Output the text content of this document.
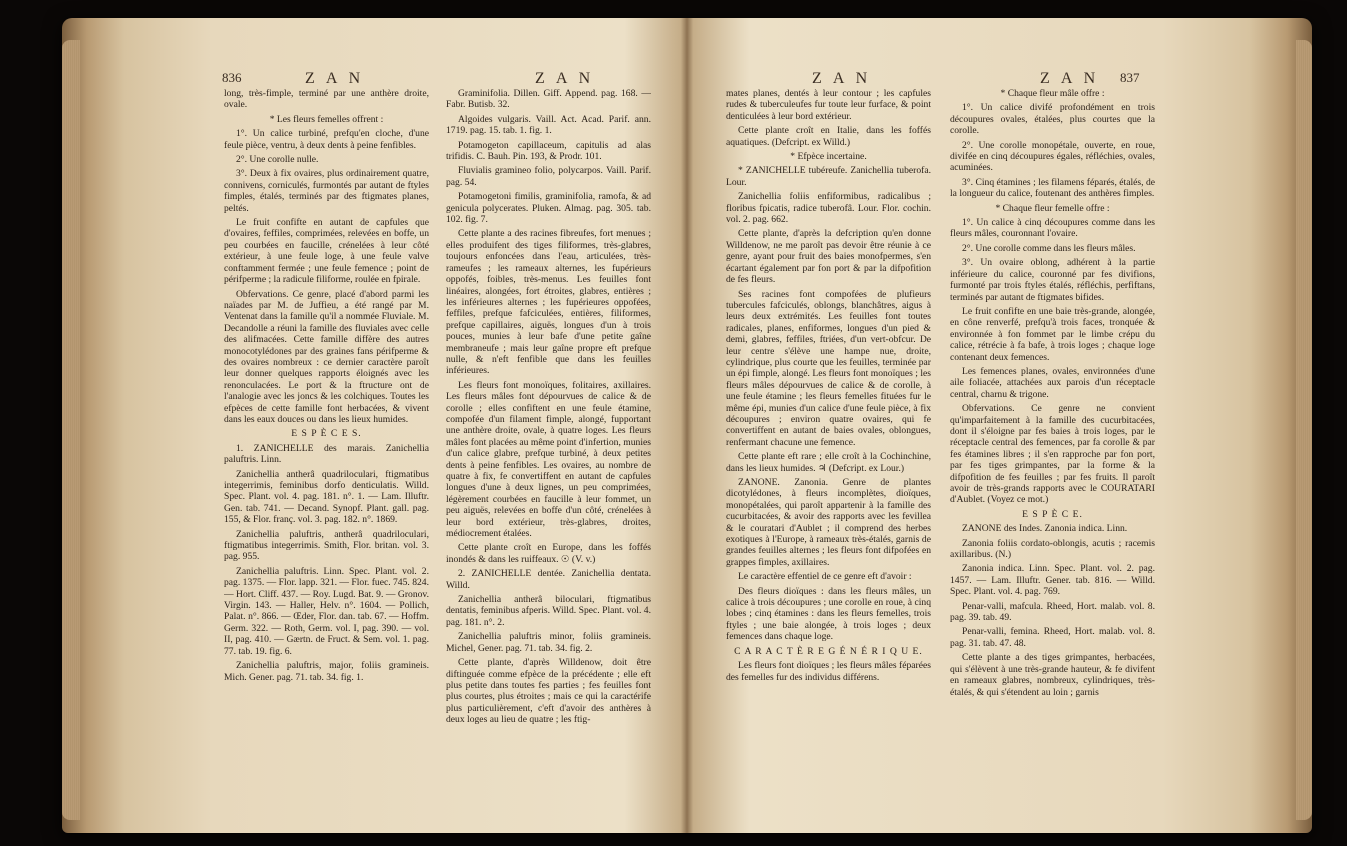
836	Z A N	Z A N

long, très-fimple, terminé par une anthère droite, ovale.

* Les fleurs femelles offrent :

1°. Un calice turbiné, prefqu'en cloche, d'une feule pièce, ventru, à deux dents à peine fenfibles.

2°. Une corolle nulle.

3°. Deux à fix ovaires, plus ordinairement quatre, connivens, corniculés, furmontés par autant de ftyles fimples, étalés, terminés par des ftigmates planes, peltés.

Le fruit confifte en autant de capfules que d'ovaires, feffiles, comprimées, relevées en boffe, un peu courbées en faucille, crénelées à leur côté extérieur, à une feule loge, à une feule valve conftamment fermée ; une feule femence ; point de périfperme ; la radicule filiforme, roulée en fpirale.

Obfervations. Ce genre, placé d'abord parmi les naïades par M. de Juffieu, a été rangé par M. Ventenat dans la famille qu'il a nommée Fluviale. M. Decandolle a réuni la famille des fluviales avec celle des alifmacées. Cette famille diffère des autres monocotylédones par des graines fans périfperme & des ovaires nombreux : ce dernier caractère paroît leur donner quelques rapports éloignés avec les renonculacées. Le port & la ftructure ont de l'analogie avec les joncs & les colchiques. Toutes les efpèces de cette famille font herbacées, & vivent dans les eaux douces ou dans les lieux humides.

E S P È C E S.

1. ZANICHELLE des marais. Zanichellia paluftris. Linn.

Zanichellia antherâ quadriloculari, ftigmatibus integerrimis, feminibus dorfo denticulatis. Willd. Spec. Plant. vol. 4. pag. 181. n°. 1. — Lam. Illuftr. Gen. tab. 741. — Decand. Synopf. Plant. gall. pag. 155, & Flor. franç. vol. 3. pag. 182. n°. 1869.

Zanichellia paluftris, antherâ quadriloculari, ftigmatibus integerrimis. Smith, Flor. britan. vol. 3. pag. 955.

Zanichellia paluftris. Linn. Spec. Plant. vol. 2. pag. 1375. — Flor. lapp. 321. — Flor. fuec. 745. 824. — Hort. Cliff. 437. — Roy. Lugd. Bat. 9. — Gronov. Virgin. 143. — Haller, Helv. n°. 1604. — Pollich, Palat. n°. 866. — Œder, Flor. dan. tab. 67. — Hoffm. Germ. 322. — Roth, Germ. vol. I, pag. 390. — vol. II, pag. 410. — Gærtn. de Fruct. & Sem. vol. 1. pag. 77. tab. 19. fig. 6.

Zanichellia paluftris, major, foliis gramineis. Mich. Gener. pag. 71. tab. 34. fig. 1.

Graminifolia. Dillen. Giff. Append. pag. 168. — Fabr. Butisb. 32.

Algoides vulgaris. Vaill. Act. Acad. Parif. ann. 1719. pag. 15. tab. 1. fig. 1.

Potamogeton capillaceum, capitulis ad alas trifidis. C. Bauh. Pin. 193, & Prodr. 101.

Fluvialis gramineo folio, polycarpos. Vaill. Parif. pag. 54.

Potamogetoni fimilis, graminifolia, ramofa, & ad genicula polycerates. Pluken. Almag. pag. 305. tab. 102. fig. 7.

Cette plante a des racines fibreufes, fort menues ; elles produifent des tiges filiformes, très-glabres, toujours enfoncées dans l'eau, articulées, très-rameufes ; les rameaux alternes, les fupérieurs oppofés, foibles, très-menus. Les feuilles font linéaires, alongées, fort étroites, glabres, entières ; les inférieures alternes ; les fupérieures oppofées, feffiles, prefque fafciculées, entières, filiformes, prefque capillaires, aiguës, longues d'un à trois pouces, munies à leur bafe d'une petite gaîne membraneufe ; mais leur gaîne propre eft prefque nulle, & n'eft fenfible que dans les feuilles inférieures.

Les fleurs font monoïques, folitaires, axillaires. Les fleurs mâles font dépourvues de calice & de corolle ; elles confiftent en une feule étamine, compofée d'un filament fimple, alongé, fupportant une anthère droite, ovale, à quatre loges. Les fleurs mâles font placées au même point d'infertion, munies d'un calice glabre, prefque turbiné, à deux petites dents à peine fenfibles. Les ovaires, au nombre de quatre à fix, fe convertiffent en autant de capfules longues d'une à deux lignes, un peu comprimées, légèrement courbées en faucille à leur fommet, un peu aiguës, relevées en boffe d'un côté, crénelées à leur bord extérieur, très-glabres, droites, médiocrement étalées.

Cette plante croît en Europe, dans les foffés inondés & dans les ruiffeaux. ☉ (V. v.)

2. ZANICHELLE dentée. Zanichellia dentata. Willd.

Zanichellia antherâ biloculari, ftigmatibus dentatis, feminibus afperis. Willd. Spec. Plant. vol. 4. pag. 181. n°. 2.

Zanichellia paluftris minor, foliis gramineis. Michel, Gener. pag. 71. tab. 34. fig. 2.

Cette plante, d'après Willdenow, doit être diftinguée comme efpèce de la précédente ; elle eft plus petite dans toutes fes parties ; fes feuilles font plus courtes, plus étroites ; mais ce qui la caractérife plus particulièrement, c'eft d'avoir des anthères à deux loges au lieu de quatre ; les ftig-

Z A N	Z A N 837

mates planes, dentés à leur contour ; les capfules rudes & tuberculeufes fur toute leur furface, & point denticulées à leur bord extérieur.

Cette plante croît en Italie, dans les foffés aquatiques. (Defcript. ex Willd.)

* Efpèce incertaine.

* ZANICHELLE tubéreufe. Zanichellia tuberofa. Lour.

Zanichellia foliis enfiformibus, radicalibus ; floribus fpicatis, radice tuberofâ. Lour. Flor. cochin. vol. 2. pag. 662.

Cette plante, d'après la defcription qu'en donne Willdenow, ne me paroît pas devoir être réunie à ce genre, ayant pour fruit des baies monofpermes, s'en écartant également par fon port & par la difpofition de fes fleurs.

Ses racines font compofées de plufieurs tubercules fafciculés, oblongs, blanchâtres, aigus à leurs deux extrémités. Les feuilles font toutes radicales, planes, enfiformes, longues d'un pied & demi, glabres, feffiles, ftriées, d'un vert-obfcur. De leur centre s'élève une hampe nue, droite, cylindrique, plus courte que les feuilles, terminée par un épi fimple, alongé. Les fleurs font monoïques ; les fleurs mâles dépourvues de calice & de corolle, à une feule étamine ; les fleurs femelles fituées fur le même épi, munies d'un calice d'une feule pièce, à fix découpures ; environ quatre ovaires, qui fe convertiffent en autant de baies ovales, oblongues, renfermant chacune une femence.

Cette plante eft rare ; elle croît à la Cochinchine, dans les lieux humides. ♃ (Defcript. ex Lour.)

ZANONE. Zanonia. Genre de plantes dicotylédones, à fleurs incomplètes, dioïques, monopétalées, qui paroît appartenir à la famille des cucurbitacées, & avoir des rapports avec les fevillea & le couratari d'Aublet ; il comprend des herbes exotiques à l'Europe, à rameaux très-étalés, garnis de grandes feuilles alternes ; les fleurs font difpofées en grappes fimples, axillaires.

Le caractère effentiel de ce genre eft d'avoir :

Des fleurs dioïques : dans les fleurs mâles, un calice à trois découpures ; une corolle en roue, à cinq lobes ; cinq étamines : dans les fleurs femelles, trois ftyles ; une baie alongée, à trois loges ; deux femences dans chaque loge.

C A R A C T È R E G É N É R I Q U E.

Les fleurs font dioïques ; les fleurs mâles féparées des femelles fur des individus différens.

* Chaque fleur mâle offre :

1°. Un calice divifé profondément en trois découpures ovales, étalées, plus courtes que la corolle.

2°. Une corolle monopétale, ouverte, en roue, divifée en cinq découpures égales, réfléchies, ovales, acuminées.

3°. Cinq étamines ; les filamens féparés, étalés, de la longueur du calice, foutenant des anthères fimples.

* Chaque fleur femelle offre :

1°. Un calice à cinq découpures comme dans les fleurs mâles, couronnant l'ovaire.

2°. Une corolle comme dans les fleurs mâles.

3°. Un ovaire oblong, adhérent à la partie inférieure du calice, couronné par fes divifions, furmonté par trois ftyles étalés, réfléchis, perfiftans, terminés par autant de ftigmates bifides.

Le fruit confifte en une baie très-grande, alongée, en cône renverfé, prefqu'à trois faces, tronquée & environnée à fon fommet par le limbe crépu du calice, rétrécie à fa bafe, à trois loges ; chaque loge contenant deux femences.

Les femences planes, ovales, environnées d'une aile foliacée, attachées aux parois d'un réceptacle central, charnu & trigone.

Obfervations. Ce genre ne convient qu'imparfaitement à la famille des cucurbitacées, dont il s'éloigne par fes baies à trois loges, par le réceptacle central des femences, par fa corolle & par fes étamines libres ; il s'en rapproche par fon port, par fes tiges grimpantes, par la forme & la difpofition de fes feuilles ; par fes fruits. Il paroît avoir de très-grands rapports avec le COURATARI d'Aublet. (Voyez ce mot.)

E S P È C E.

ZANONE des Indes. Zanonia indica. Linn.

Zanonia foliis cordato-oblongis, acutis ; racemis axillaribus. (N.)

Zanonia indica. Linn. Spec. Plant. vol. 2. pag. 1457. — Lam. Illuftr. Gener. tab. 816. — Willd. Spec. Plant. vol. 4. pag. 769.

Penar-valli, mafcula. Rheed, Hort. malab. vol. 8. pag. 39. tab. 49.

Penar-valli, femina. Rheed, Hort. malab. vol. 8. pag. 31. tab. 47. 48.

Cette plante a des tiges grimpantes, herbacées, qui s'élèvent à une très-grande hauteur, & fe divifent en rameaux glabres, nombreux, cylindriques, très-étalés, & qui s'étendent au loin ; garnis
